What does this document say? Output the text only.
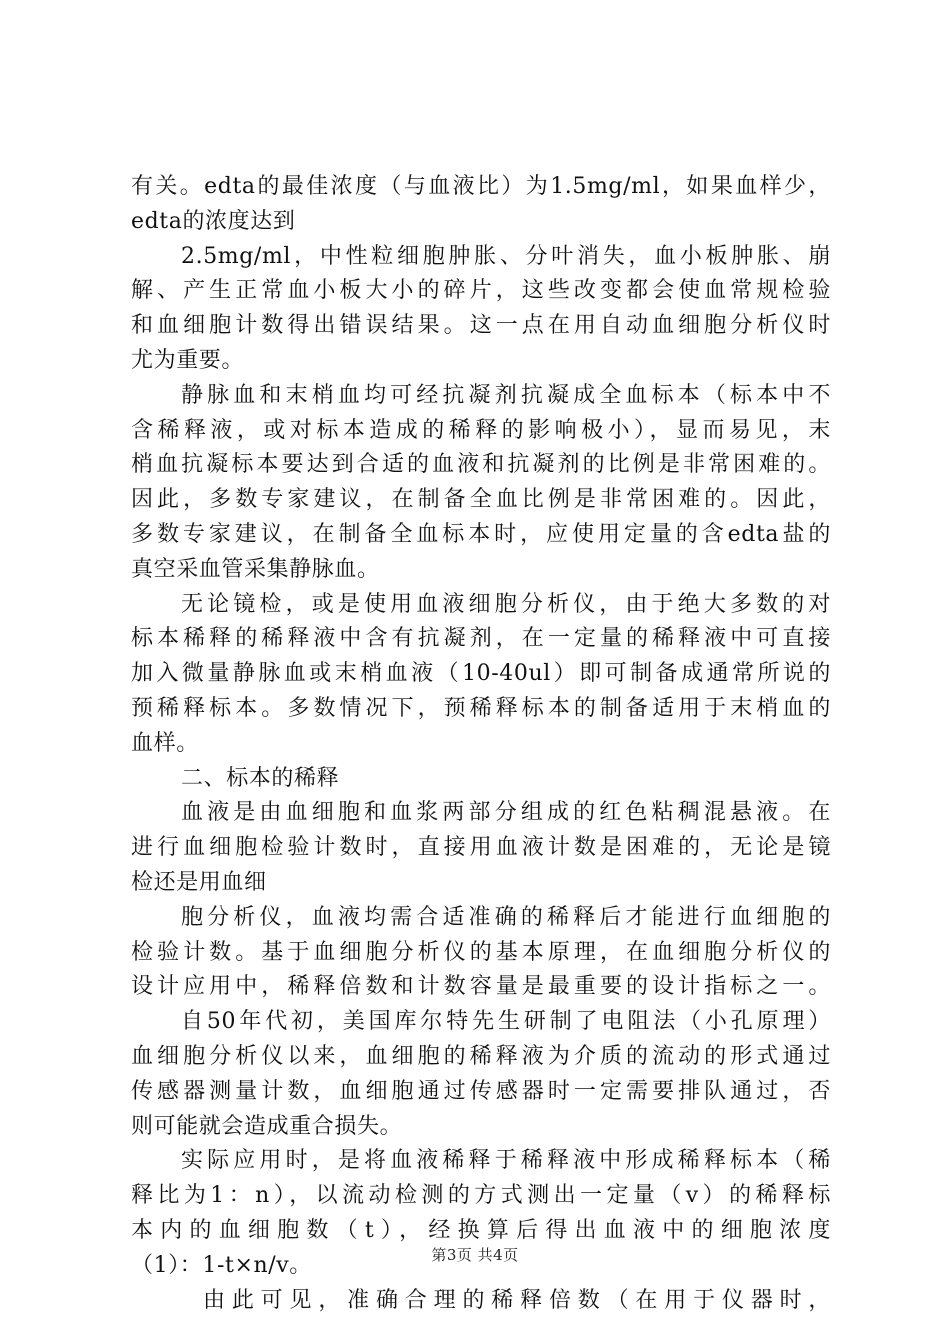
有关。edta的最佳浓度（与血液比）为1.5mg/ml，如果血样少，
edta的浓度达到
2.5mg/ml，中性粒细胞肿胀、分叶消失，血小板肿胀、崩
解、产生正常血小板大小的碎片，这些改变都会使血常规检验
和血细胞计数得出错误结果。这一点在用自动血细胞分析仪时
尤为重要。
静脉血和末梢血均可经抗凝剂抗凝成全血标本（标本中不
含稀释液，或对标本造成的稀释的影响极小），显而易见，末
梢血抗凝标本要达到合适的血液和抗凝剂的比例是非常困难的。
因此，多数专家建议，在制备全血比例是非常困难的。因此，
多数专家建议，在制备全血标本时，应使用定量的含edta盐的
真空采血管采集静脉血。
无论镜检，或是使用血液细胞分析仪，由于绝大多数的对
标本稀释的稀释液中含有抗凝剂，在一定量的稀释液中可直接
加入微量静脉血或末梢血液（10-40ul）即可制备成通常所说的
预稀释标本。多数情况下，预稀释标本的制备适用于末梢血的
血样。
二、标本的稀释
血液是由血细胞和血浆两部分组成的红色粘稠混悬液。在
进行血细胞检验计数时，直接用血液计数是困难的，无论是镜
检还是用血细
胞分析仪，血液均需合适准确的稀释后才能进行血细胞的
检验计数。基于血细胞分析仪的基本原理，在血细胞分析仪的
设计应用中，稀释倍数和计数容量是最重要的设计指标之一。
自50年代初，美国库尔特先生研制了电阻法（小孔原理）
血细胞分析仪以来，血细胞的稀释液为介质的流动的形式通过
传感器测量计数，血细胞通过传感器时一定需要排队通过，否
则可能就会造成重合损失。
实际应用时，是将血液稀释于稀释液中形成稀释标本（稀
释比为1：n），以流动检测的方式测出一定量（v）的稀释标
本内的血细胞数（t），经换算后得出血液中的细胞浓度
（1）：1-t×n/v。
由此可见，准确合理的稀释倍数（在用于仪器时，
第3页 共4页
